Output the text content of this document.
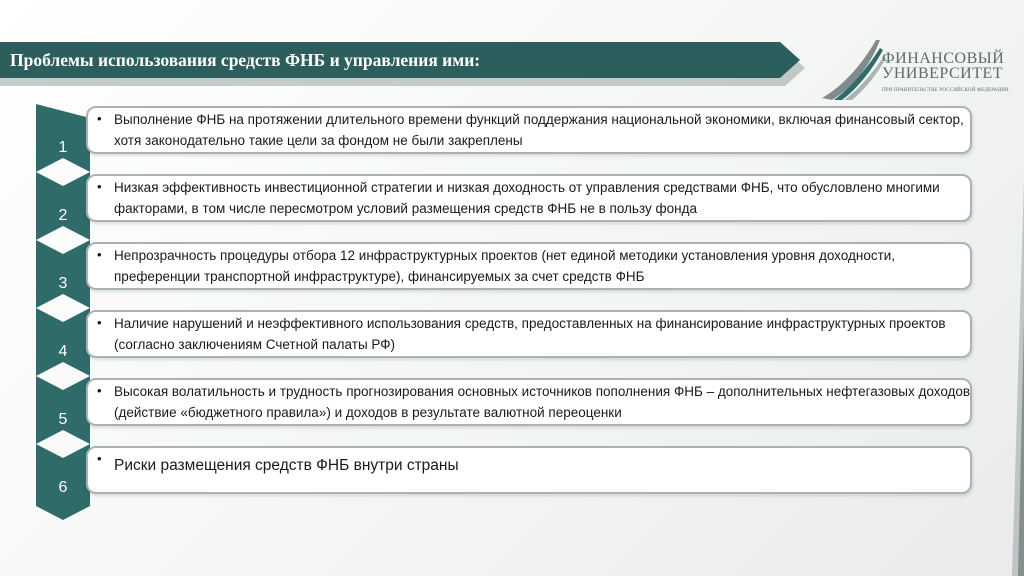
Проблемы использования средств ФНБ и управления ими:	ФИНАНСОВЫЙ
УНИВЕРСИТЕТ
ПРИ ПРАВИТЕЛЬСТВЕ РОССИЙСКОЙ ФЕДЕРАЦИИ
1
• Выполнение ФНБ на протяжении длительного времени функций поддержания национальной экономики, включая финансовый сектор, хотя законодательно такие цели за фондом не были закреплены
2
• Низкая эффективность инвестиционной стратегии и низкая доходность от управления средствами ФНБ, что обусловлено многими факторами, в том числе пересмотром условий размещения средств ФНБ не в пользу фонда
3
• Непрозрачность процедуры отбора 12 инфраструктурных проектов (нет единой методики установления уровня доходности, преференции транспортной инфраструктуре), финансируемых за счет средств ФНБ
4
• Наличие нарушений и неэффективного использования средств, предоставленных на финансирование инфраструктурных проектов (согласно заключениям Счетной палаты РФ)
5
• Высокая волатильность и трудность прогнозирования основных источников пополнения ФНБ – дополнительных нефтегазовых доходов (действие «бюджетного правила») и доходов в результате валютной переоценки
6
• Риски размещения средств ФНБ внутри страны
